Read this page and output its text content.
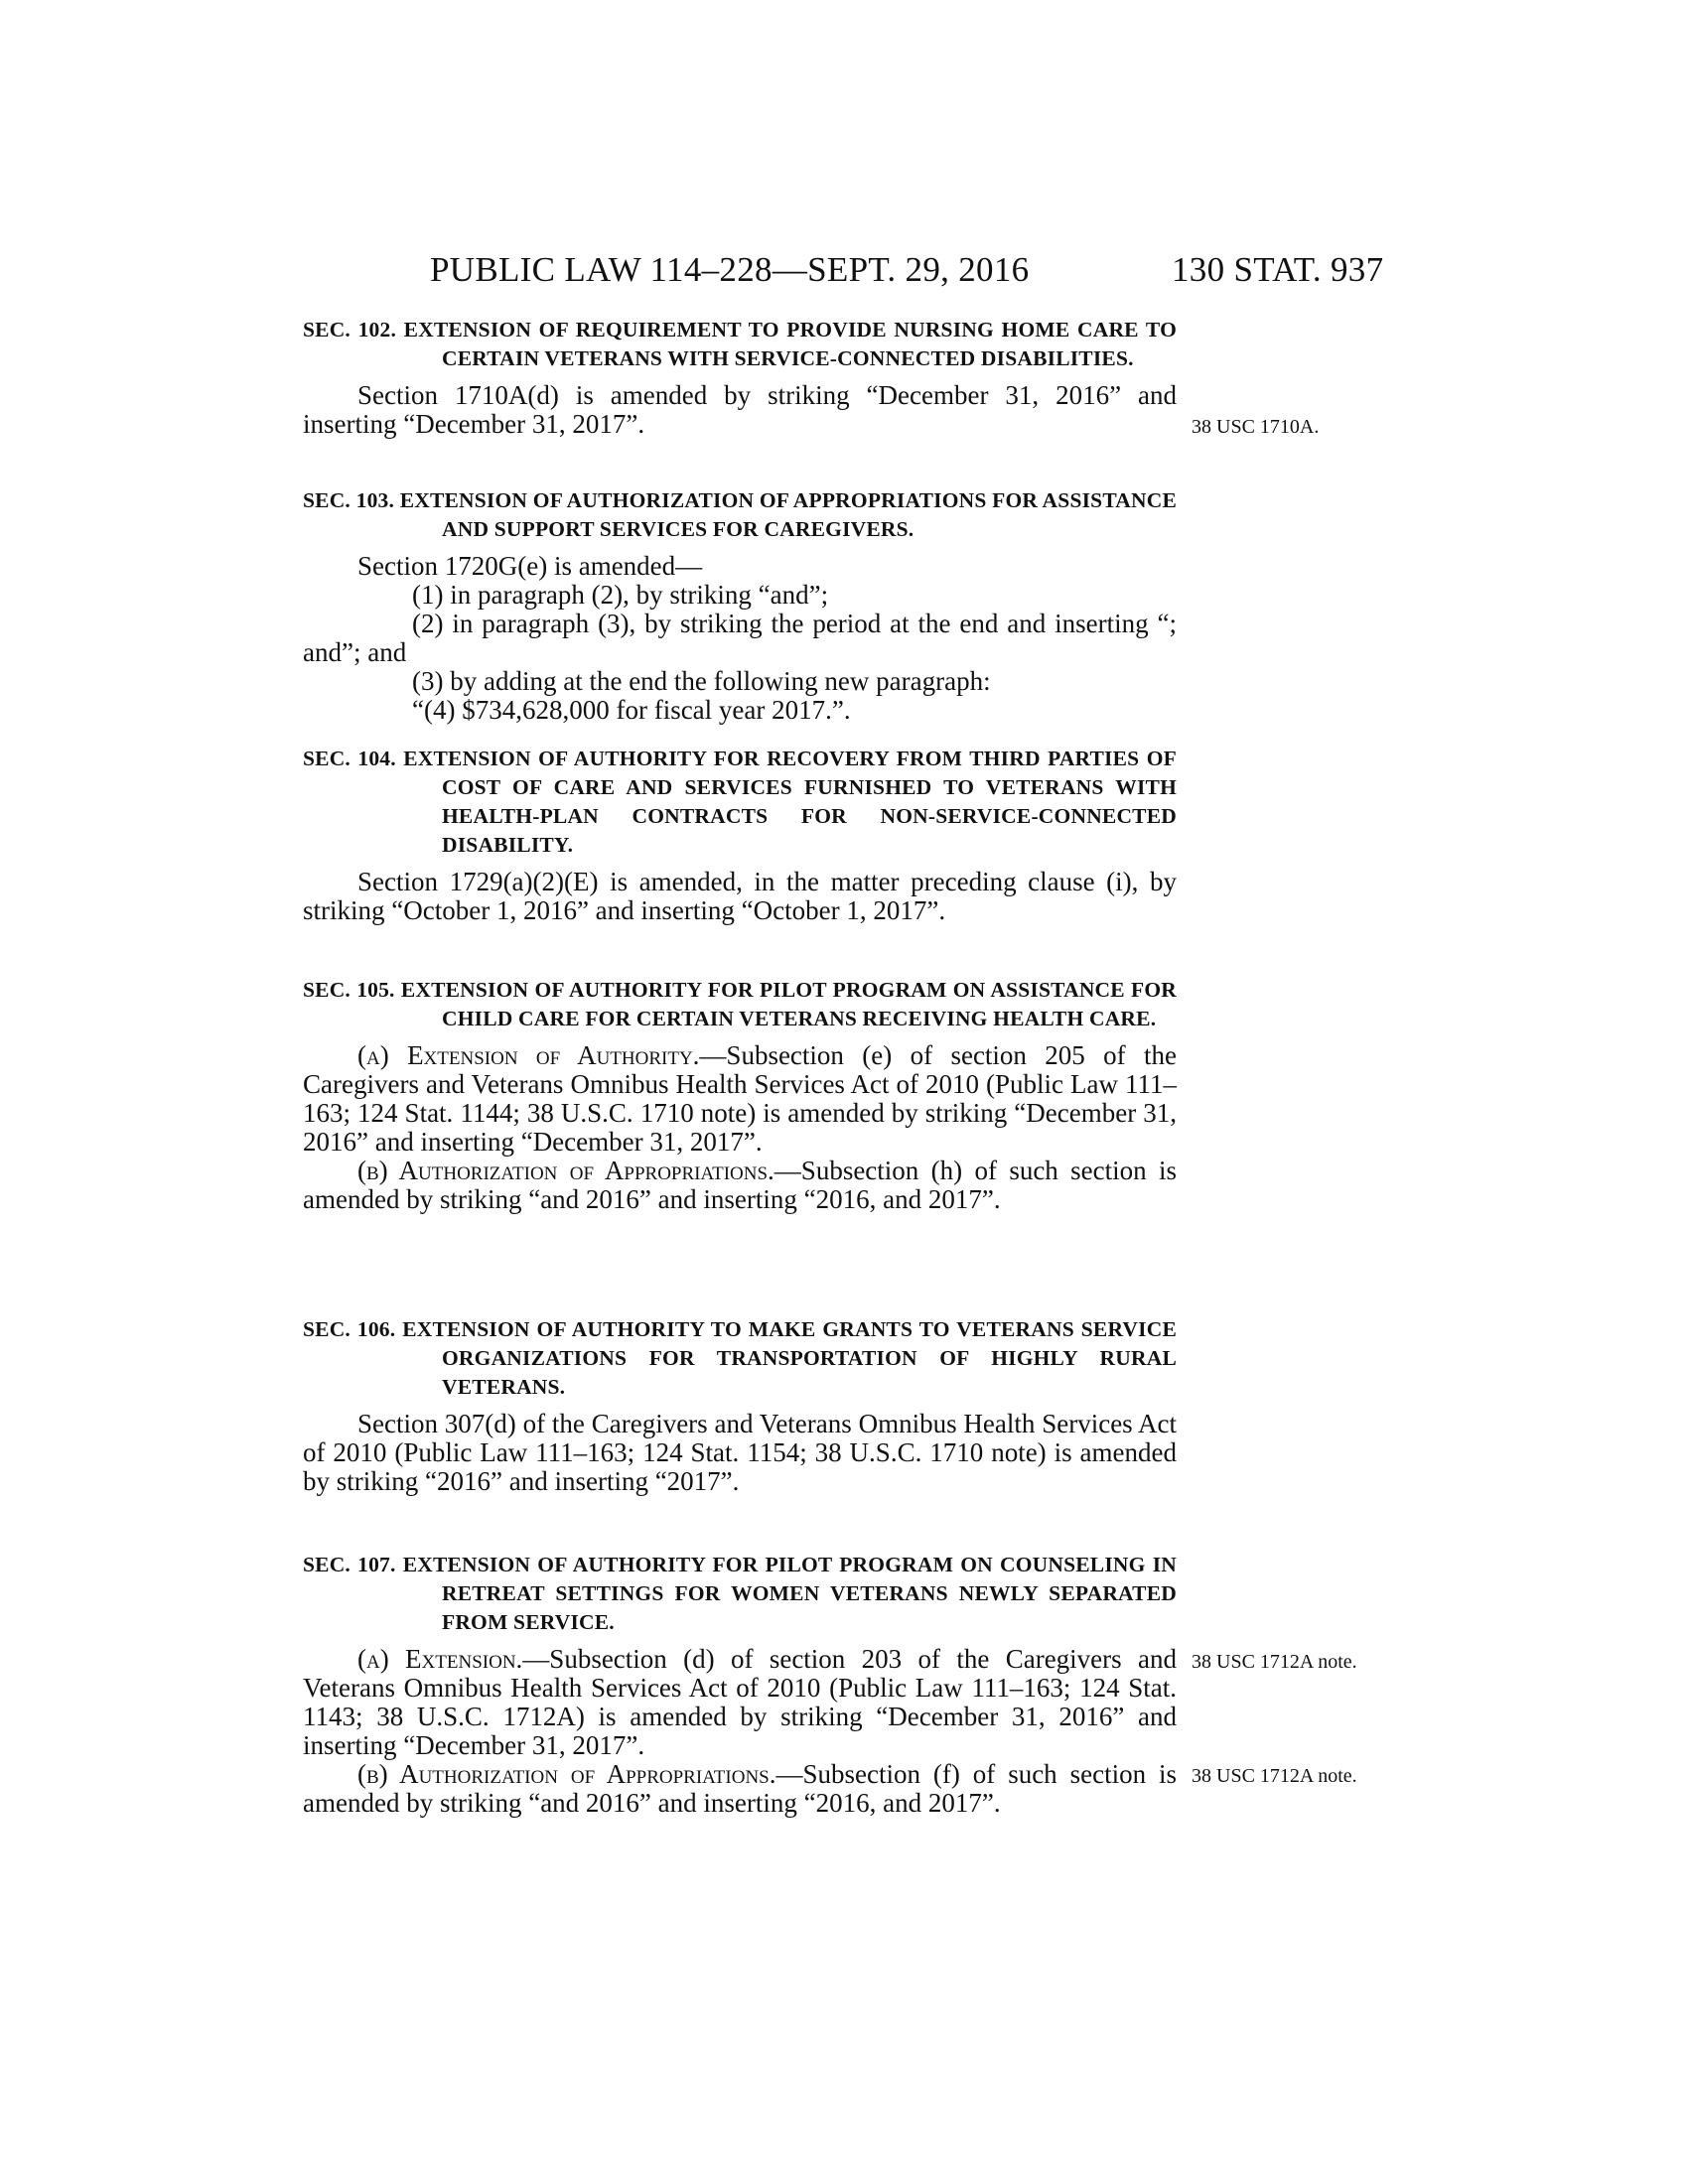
PUBLIC LAW 114–228—SEPT. 29, 2016	130 STAT. 937
SEC. 102. EXTENSION OF REQUIREMENT TO PROVIDE NURSING HOME CARE TO CERTAIN VETERANS WITH SERVICE-CONNECTED DISABILITIES.
Section 1710A(d) is amended by striking “December 31, 2016” and inserting “December 31, 2017”.	38 USC 1710A.
SEC. 103. EXTENSION OF AUTHORIZATION OF APPROPRIATIONS FOR ASSISTANCE AND SUPPORT SERVICES FOR CAREGIVERS.
Section 1720G(e) is amended—
(1) in paragraph (2), by striking “and”;
(2) in paragraph (3), by striking the period at the end and inserting “; and”; and
(3) by adding at the end the following new paragraph:
“(4) $734,628,000 for fiscal year 2017.”.
SEC. 104. EXTENSION OF AUTHORITY FOR RECOVERY FROM THIRD PARTIES OF COST OF CARE AND SERVICES FURNISHED TO VETERANS WITH HEALTH-PLAN CONTRACTS FOR NON-SERVICE-CONNECTED DISABILITY.
Section 1729(a)(2)(E) is amended, in the matter preceding clause (i), by striking “October 1, 2016” and inserting “October 1, 2017”.
SEC. 105. EXTENSION OF AUTHORITY FOR PILOT PROGRAM ON ASSISTANCE FOR CHILD CARE FOR CERTAIN VETERANS RECEIVING HEALTH CARE.
(a) Extension of Authority.—Subsection (e) of section 205 of the Caregivers and Veterans Omnibus Health Services Act of 2010 (Public Law 111–163; 124 Stat. 1144; 38 U.S.C. 1710 note) is amended by striking “December 31, 2016” and inserting “December 31, 2017”.
(b) Authorization of Appropriations.—Subsection (h) of such section is amended by striking “and 2016” and inserting “2016, and 2017”.
SEC. 106. EXTENSION OF AUTHORITY TO MAKE GRANTS TO VETERANS SERVICE ORGANIZATIONS FOR TRANSPORTATION OF HIGHLY RURAL VETERANS.
Section 307(d) of the Caregivers and Veterans Omnibus Health Services Act of 2010 (Public Law 111–163; 124 Stat. 1154; 38 U.S.C. 1710 note) is amended by striking “2016” and inserting “2017”.
SEC. 107. EXTENSION OF AUTHORITY FOR PILOT PROGRAM ON COUNSELING IN RETREAT SETTINGS FOR WOMEN VETERANS NEWLY SEPARATED FROM SERVICE.
(a) Extension.—Subsection (d) of section 203 of the Caregivers and Veterans Omnibus Health Services Act of 2010 (Public Law 111–163; 124 Stat. 1143; 38 U.S.C. 1712A) is amended by striking “December 31, 2016” and inserting “December 31, 2017”.
(b) Authorization of Appropriations.—Subsection (f) of such section is amended by striking “and 2016” and inserting “2016, and 2017”.
38 USC 1712A note.
38 USC 1712A note.
